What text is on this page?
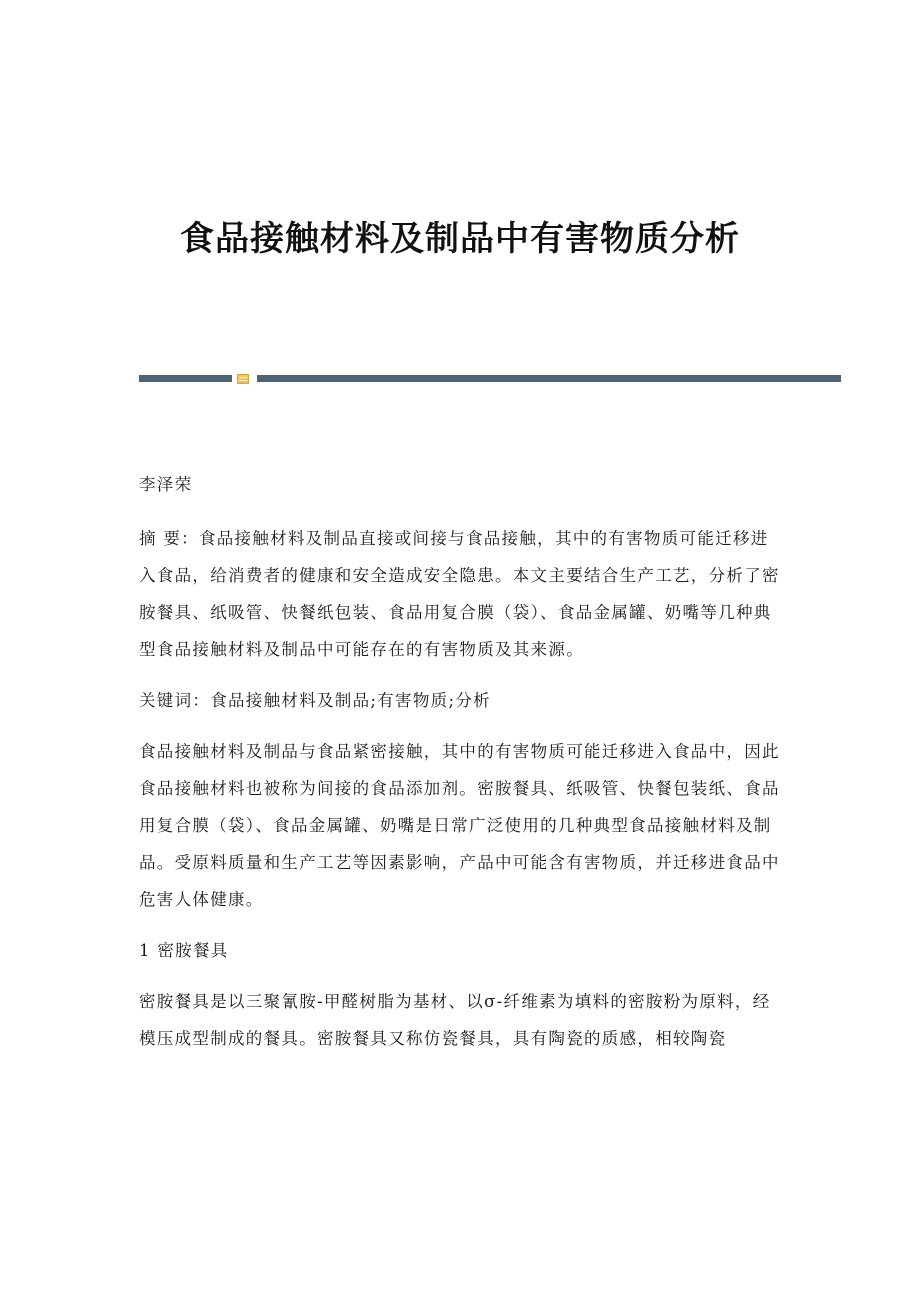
食品接触材料及制品中有害物质分析

李泽荣

摘 要：食品接触材料及制品直接或间接与食品接触，其中的有害物质可能迁移进入食品，给消费者的健康和安全造成安全隐患。本文主要结合生产工艺，分析了密胺餐具、纸吸管、快餐纸包装、食品用复合膜（袋）、食品金属罐、奶嘴等几种典型食品接触材料及制品中可能存在的有害物质及其来源。

关键词：食品接触材料及制品;有害物质;分析

食品接触材料及制品与食品紧密接触，其中的有害物质可能迁移进入食品中，因此食品接触材料也被称为间接的食品添加剂。密胺餐具、纸吸管、快餐包装纸、食品用复合膜（袋）、食品金属罐、奶嘴是日常广泛使用的几种典型食品接触材料及制品。受原料质量和生产工艺等因素影响，产品中可能含有害物质，并迁移进食品中危害人体健康。

1 密胺餐具

密胺餐具是以三聚氰胺-甲醛树脂为基材、以σ-纤维素为填料的密胺粉为原料，经模压成型制成的餐具。密胺餐具又称仿瓷餐具，具有陶瓷的质感，相较陶瓷
